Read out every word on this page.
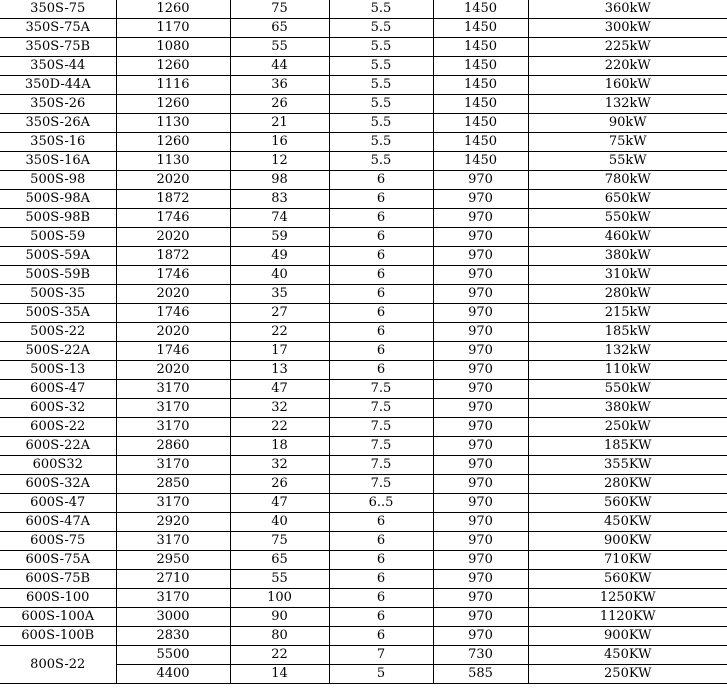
350S-75	1260	75	5.5	1450	360kW
350S-75A	1170	65	5.5	1450	300kW
350S-75B	1080	55	5.5	1450	225kW
350S-44	1260	44	5.5	1450	220kW
350D-44A	1116	36	5.5	1450	160kW
350S-26	1260	26	5.5	1450	132kW
350S-26A	1130	21	5.5	1450	90kW
350S-16	1260	16	5.5	1450	75kW
350S-16A	1130	12	5.5	1450	55kW
500S-98	2020	98	6	970	780kW
500S-98A	1872	83	6	970	650kW
500S-98B	1746	74	6	970	550kW
500S-59	2020	59	6	970	460kW
500S-59A	1872	49	6	970	380kW
500S-59B	1746	40	6	970	310kW
500S-35	2020	35	6	970	280kW
500S-35A	1746	27	6	970	215kW
500S-22	2020	22	6	970	185kW
500S-22A	1746	17	6	970	132kW
500S-13	2020	13	6	970	110kW
600S-47	3170	47	7.5	970	550kW
600S-32	3170	32	7.5	970	380kW
600S-22	3170	22	7.5	970	250kW
600S-22A	2860	18	7.5	970	185KW
600S32	3170	32	7.5	970	355KW
600S-32A	2850	26	7.5	970	280KW
600S-47	3170	47	6..5	970	560KW
600S-47A	2920	40	6	970	450KW
600S-75	3170	75	6	970	900KW
600S-75A	2950	65	6	970	710KW
600S-75B	2710	55	6	970	560KW
600S-100	3170	100	6	970	1250KW
600S-100A	3000	90	6	970	1120KW
600S-100B	2830	80	6	970	900KW
800S-22	5500	22	7	730	450KW
	4400	14	5	585	250KW
